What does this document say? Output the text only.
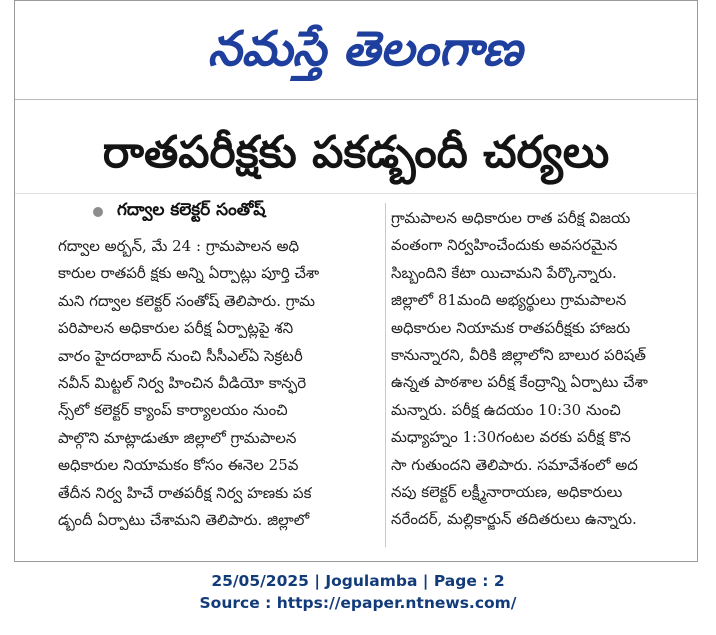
నమస్తే తెలంగాణ
రాతపరీక్షకు పకడ్బందీ చర్యలు
గద్వాల కలెక్టర్ సంతోష్
గద్వాల అర్బన్, మే 24 : గ్రామపాలన అధి
కారుల రాతపరీ క్షకు అన్ని ఏర్పాట్లు పూర్తి చేశా
మని గద్వాల కలెక్టర్ సంతోష్ తెలిపారు. గ్రామ
పరిపాలన అధికారుల పరీక్ష ఏర్పాట్లపై శని
వారం హైదరాబాద్ నుంచి సీసీఎల్ఏ సెక్రటరీ
నవీన్ మిట్టల్ నిర్వ హించిన వీడియో కాన్ఫరె
న్స్‌లో కలెక్టర్ క్యాంప్ కార్యాలయం నుంచి
పాల్గొని మాట్లాడుతూ జిల్లాలో గ్రామపాలన
అధికారుల నియామకం కోసం ఈనెల 25వ
తేదీన నిర్వ హిచే రాతపరీక్ష నిర్వ హణకు పక
డ్బందీ ఏర్పాటు చేశామని తెలిపారు. జిల్లాలో
గ్రామపాలన అధికారుల రాత పరీక్ష విజయ
వంతంగా నిర్వహించేందుకు అవసరమైన
సిబ్బందిని కేటా యిచామని పేర్కొన్నారు.
జిల్లాలో 81మంది అభ్యర్థులు గ్రామపాలన
అధికారుల నియామక రాతపరీక్షకు హాజరు
కానున్నారని, వీరికి జిల్లాలోని బాలుర పరిషత్
ఉన్నత పాఠశాల పరీక్ష కేంద్రాన్ని ఏర్పాటు చేశా
మన్నారు. పరీక్ష ఉదయం 10:30 నుంచి
మధ్యాహ్నం 1:30గంటల వరకు పరీక్ష కొన
సా గుతుందని తెలిపారు. సమావేశంలో అద
నపు కలెక్టర్ లక్ష్మీనారాయణ, అధికారులు
నరేందర్, మల్లికార్జున్ తదితరులు ఉన్నారు.
25/05/2025 | Jogulamba | Page : 2
Source : https://epaper.ntnews.com/
